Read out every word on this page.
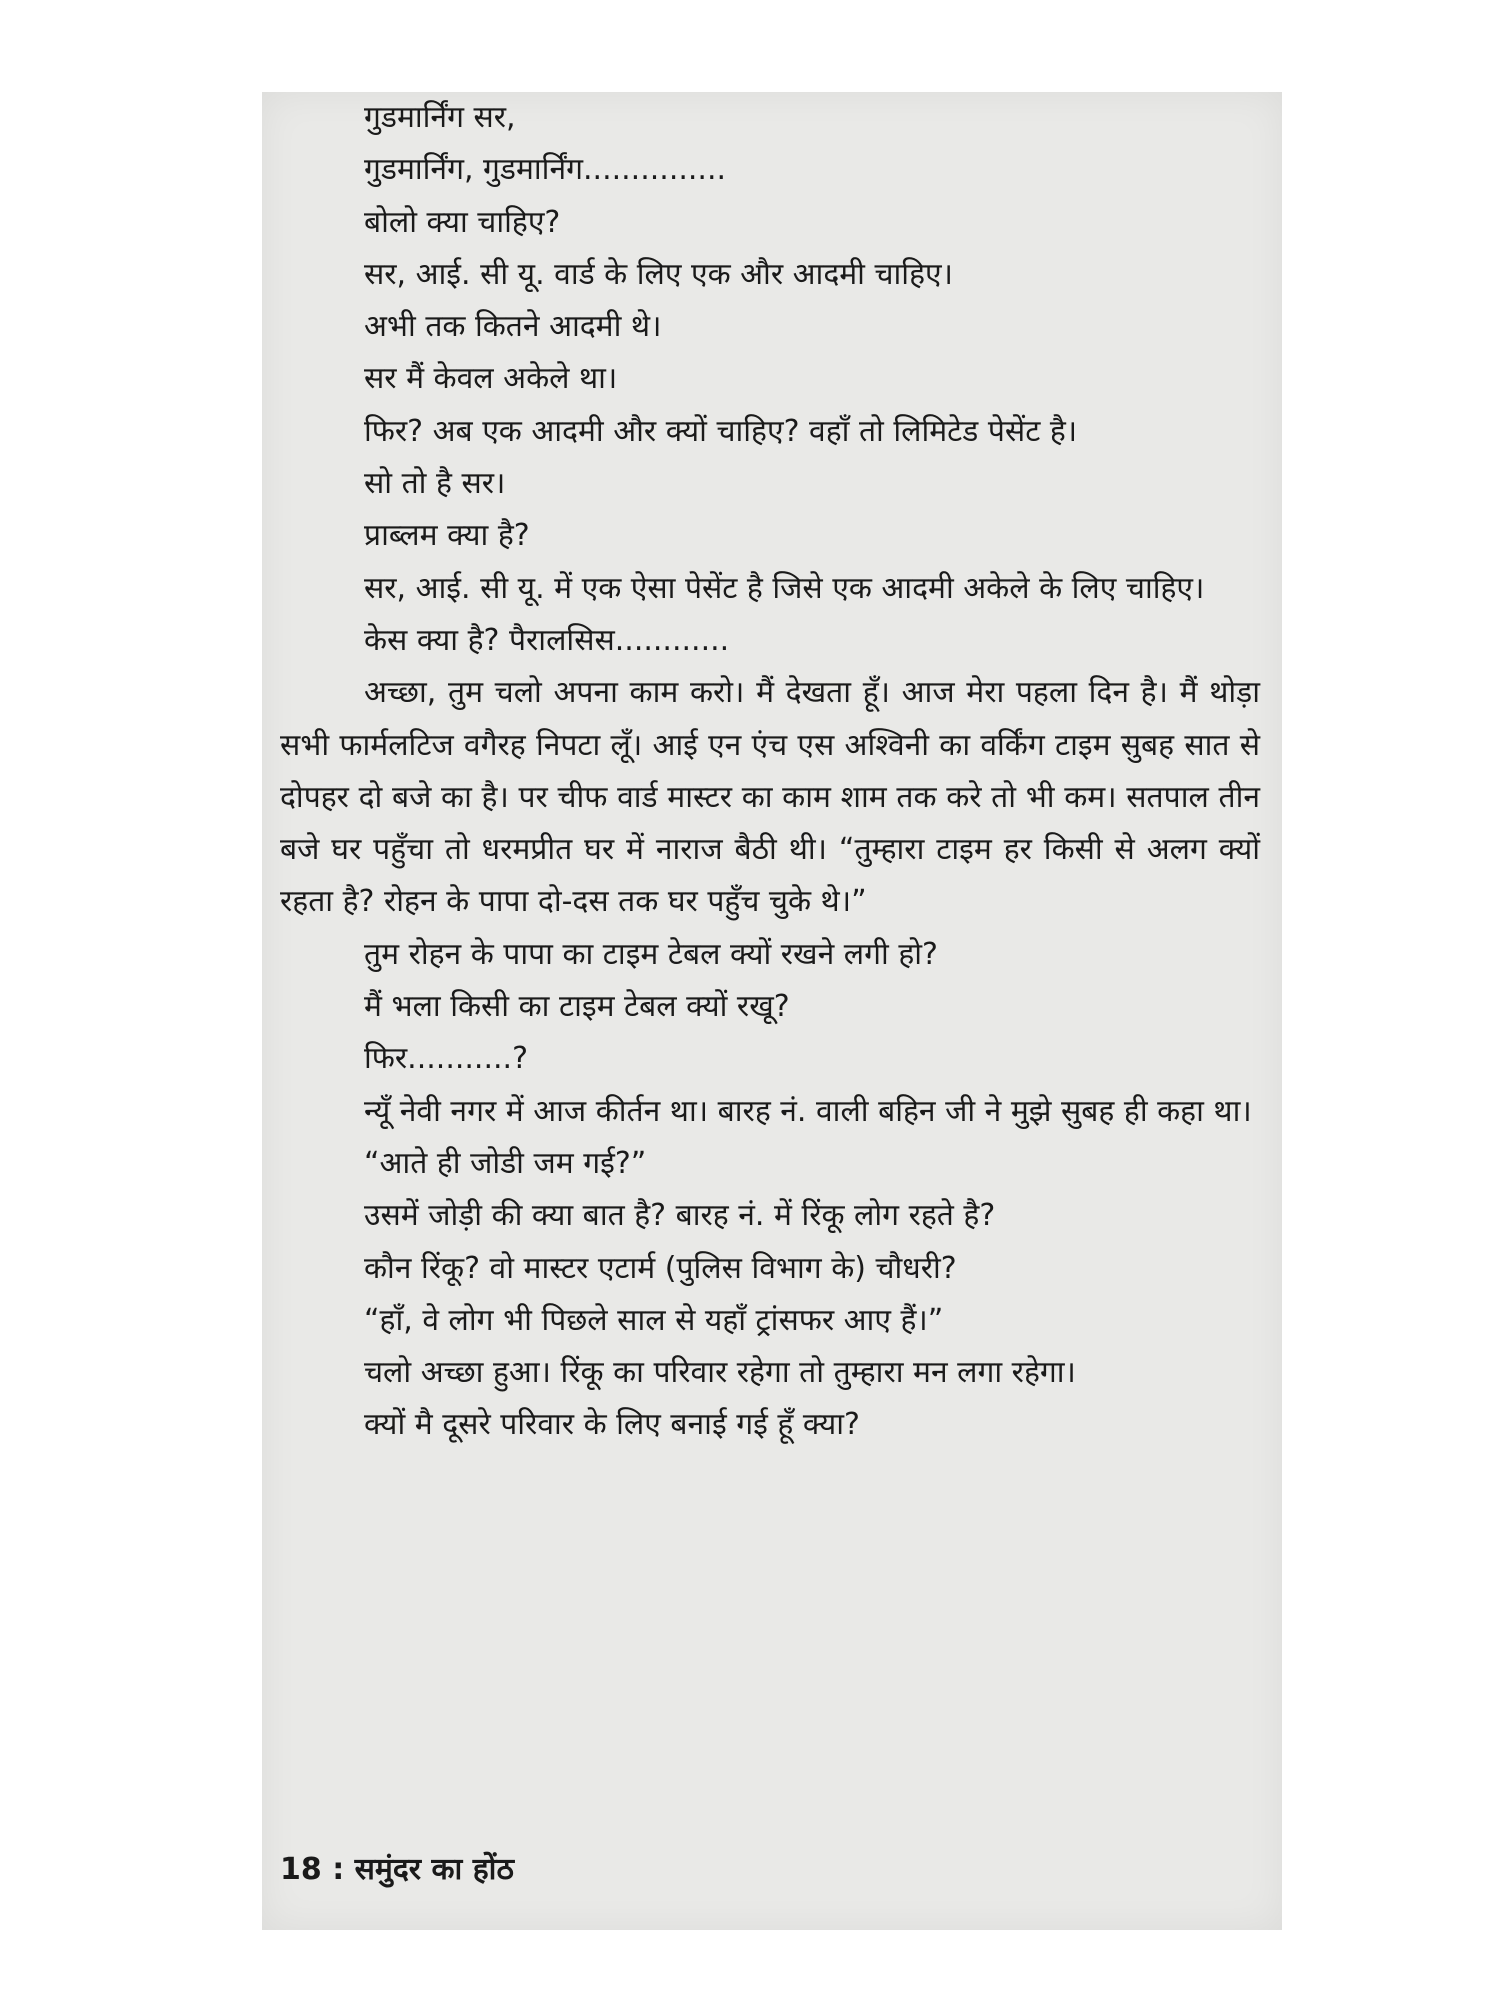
गुडमार्निंग सर,

गुडमार्निंग, गुडमार्निंग...............

बोलो क्या चाहिए?

सर, आई. सी यू. वार्ड के लिए एक और आदमी चाहिए।

अभी तक कितने आदमी थे।

सर मैं केवल अकेले था।

फिर? अब एक आदमी और क्यों चाहिए? वहाँ तो लिमिटेड पेसेंट है।

सो तो है सर।

प्राब्लम क्या है?

सर, आई. सी यू. में एक ऐसा पेसेंट है जिसे एक आदमी अकेले के लिए चाहिए।

केस क्या है? पैरालसिस............

अच्छा, तुम चलो अपना काम करो। मैं देखता हूँ। आज मेरा पहला दिन है। मैं थोड़ा सभी फार्मलटिज वगैरह निपटा लूँ। आई एन एंच एस अश्विनी का वर्किंग टाइम सुबह सात से दोपहर दो बजे का है। पर चीफ वार्ड मास्टर का काम शाम तक करे तो भी कम। सतपाल तीन बजे घर पहुँचा तो धरमप्रीत घर में नाराज बैठी थी। “तुम्हारा टाइम हर किसी से अलग क्यों रहता है? रोहन के पापा दो-दस तक घर पहुँच चुके थे।”

तुम रोहन के पापा का टाइम टेबल क्यों रखने लगी हो?

मैं भला किसी का टाइम टेबल क्यों रखू?

फिर...........?

न्यूँ नेवी नगर में आज कीर्तन था। बारह नं. वाली बहिन जी ने मुझे सुबह ही कहा था।

“आते ही जोडी जम गई?”

उसमें जोड़ी की क्या बात है? बारह नं. में रिंकू लोग रहते है?

कौन रिंकू? वो मास्टर एटार्म (पुलिस विभाग के) चौधरी?

“हाँ, वे लोग भी पिछले साल से यहाँ ट्रांसफर आए हैं।”

चलो अच्छा हुआ। रिंकू का परिवार रहेगा तो तुम्हारा मन लगा रहेगा।

क्यों मै दूसरे परिवार के लिए बनाई गई हूँ क्या?

18 : समुंदर का होंठ
